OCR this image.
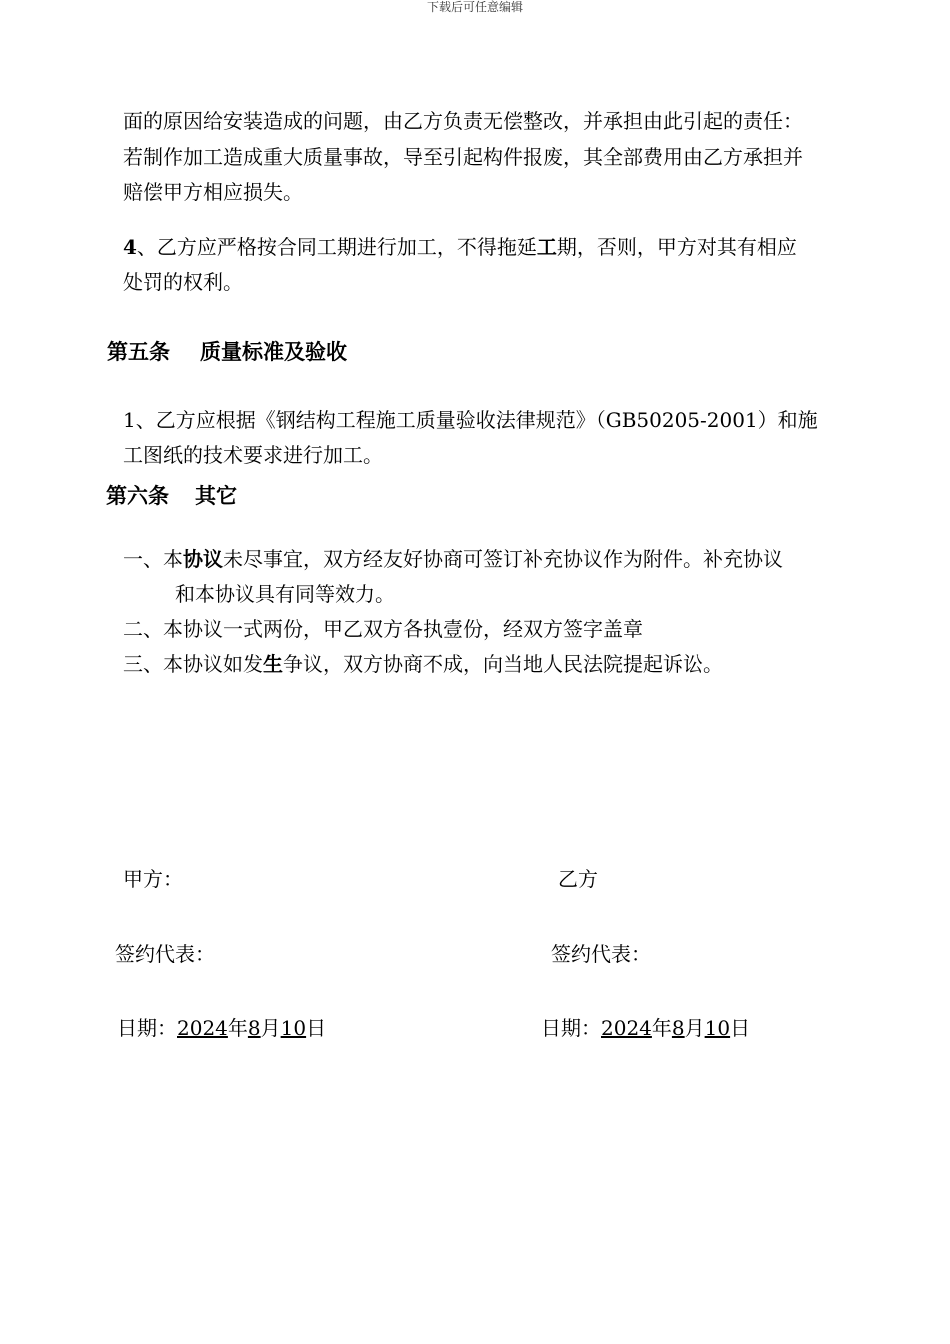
下载后可任意编辑
面的原因给安装造成的问题，由乙方负责无偿整改，并承担由此引起的责任：
若制作加工造成重大质量事故，导至引起构件报废，其全部费用由乙方承担并
赔偿甲方相应损失。
4、乙方应严格按合同工期进行加工，不得拖延工期，否则，甲方对其有相应
处罚的权利。
第五条 质量标准及验收
1、乙方应根据《钢结构工程施工质量验收法律规范》（GB50205-2001）和施
工图纸的技术要求进行加工。
第六条 其它
一、本协议未尽事宜，双方经友好协商可签订补充协议作为附件。补充协议
和本协议具有同等效力。
二、本协议一式两份，甲乙双方各执壹份，经双方签字盖章
三、本协议如发生争议，双方协商不成，向当地人民法院提起诉讼。
甲方：	乙方
签约代表：	签约代表：
日期：2024年8月10日	日期：2024年8月10日
